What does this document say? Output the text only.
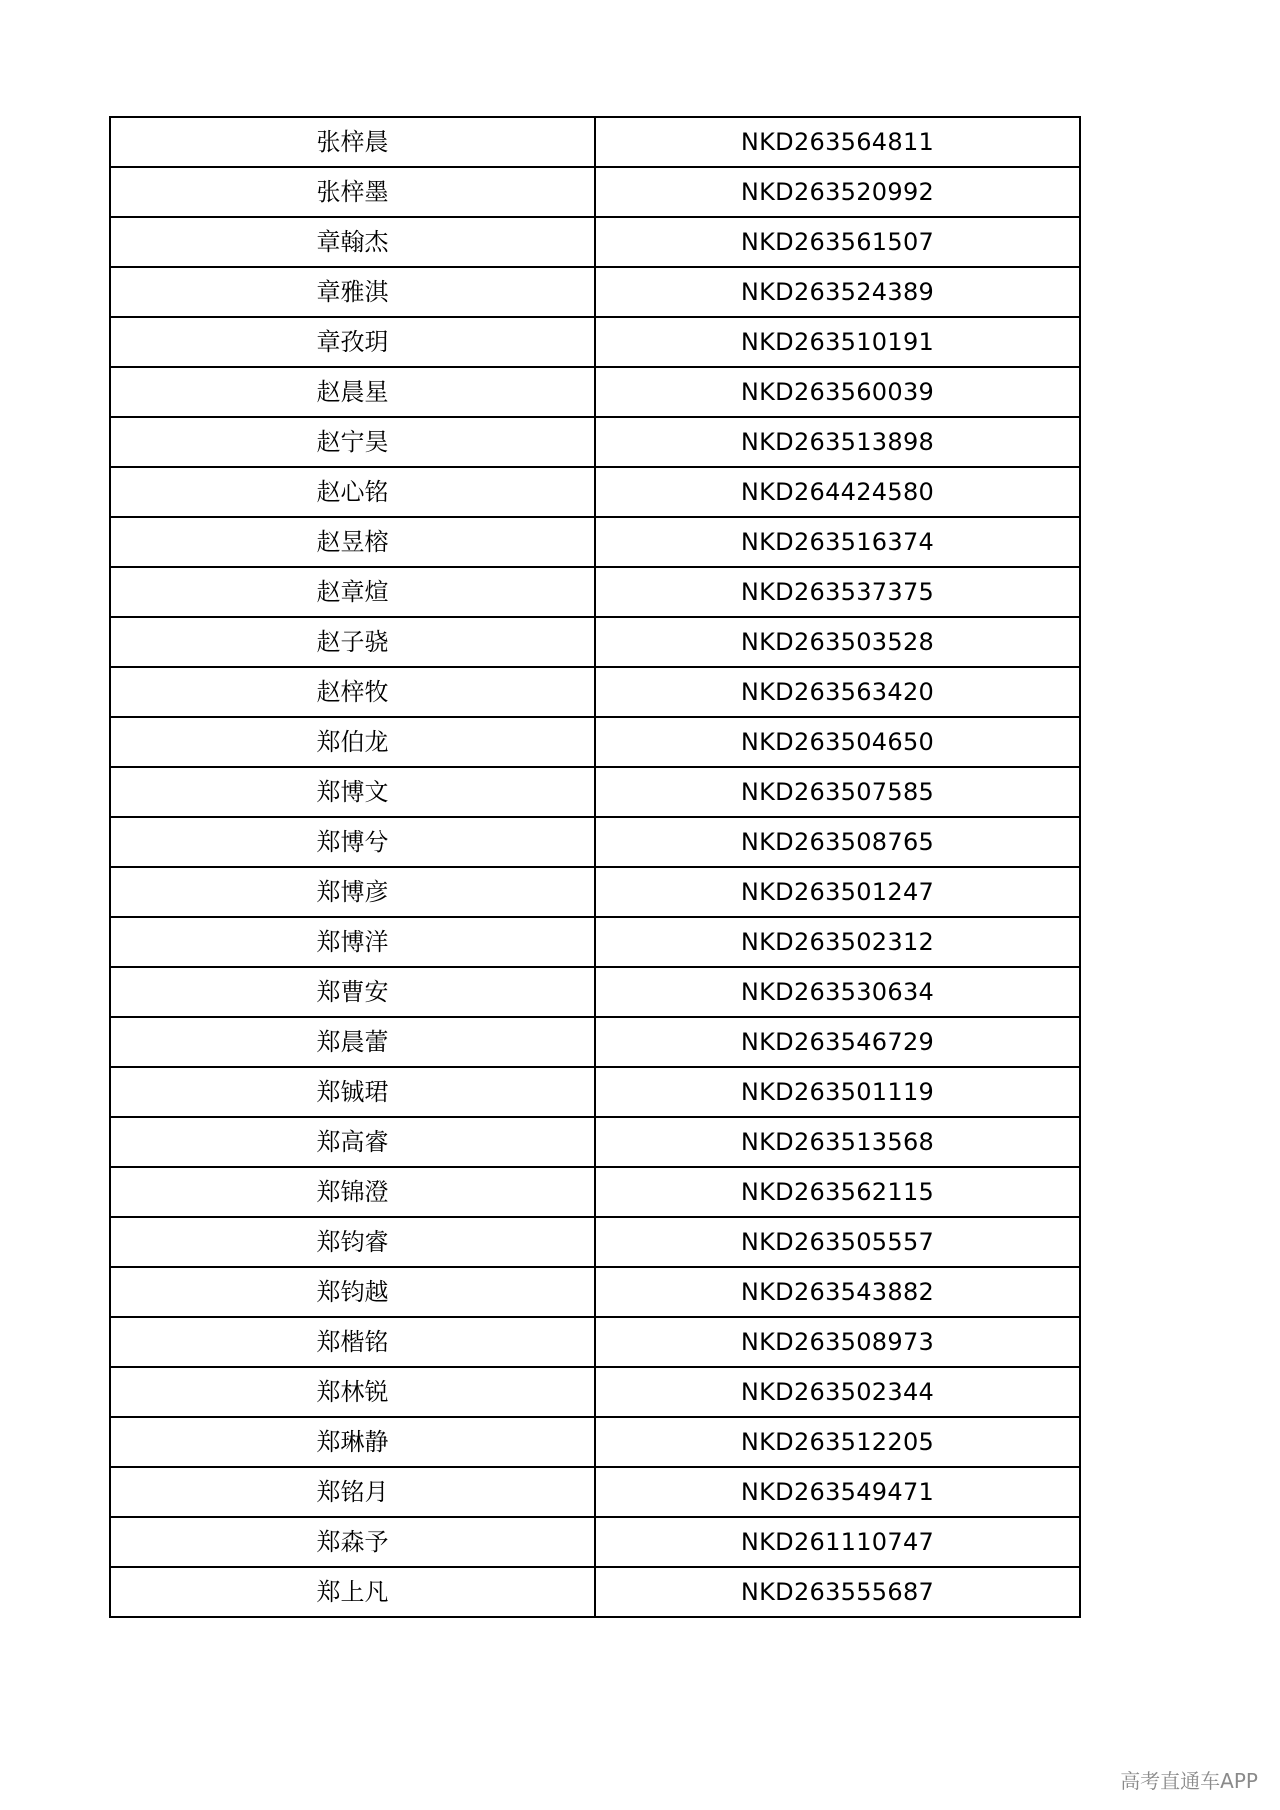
张梓晨	NKD263564811
张梓墨	NKD263520992
章翰杰	NKD263561507
章雅淇	NKD263524389
章孜玥	NKD263510191
赵晨星	NKD263560039
赵宁昊	NKD263513898
赵心铭	NKD264424580
赵昱榕	NKD263516374
赵章煊	NKD263537375
赵子骁	NKD263503528
赵梓牧	NKD263563420
郑伯龙	NKD263504650
郑博文	NKD263507585
郑博兮	NKD263508765
郑博彦	NKD263501247
郑博洋	NKD263502312
郑曹安	NKD263530634
郑晨蕾	NKD263546729
郑铖珺	NKD263501119
郑高睿	NKD263513568
郑锦澄	NKD263562115
郑钧睿	NKD263505557
郑钧越	NKD263543882
郑楷铭	NKD263508973
郑林锐	NKD263502344
郑琳静	NKD263512205
郑铭月	NKD263549471
郑森予	NKD261110747
郑上凡	NKD263555687
高考直通车APP
